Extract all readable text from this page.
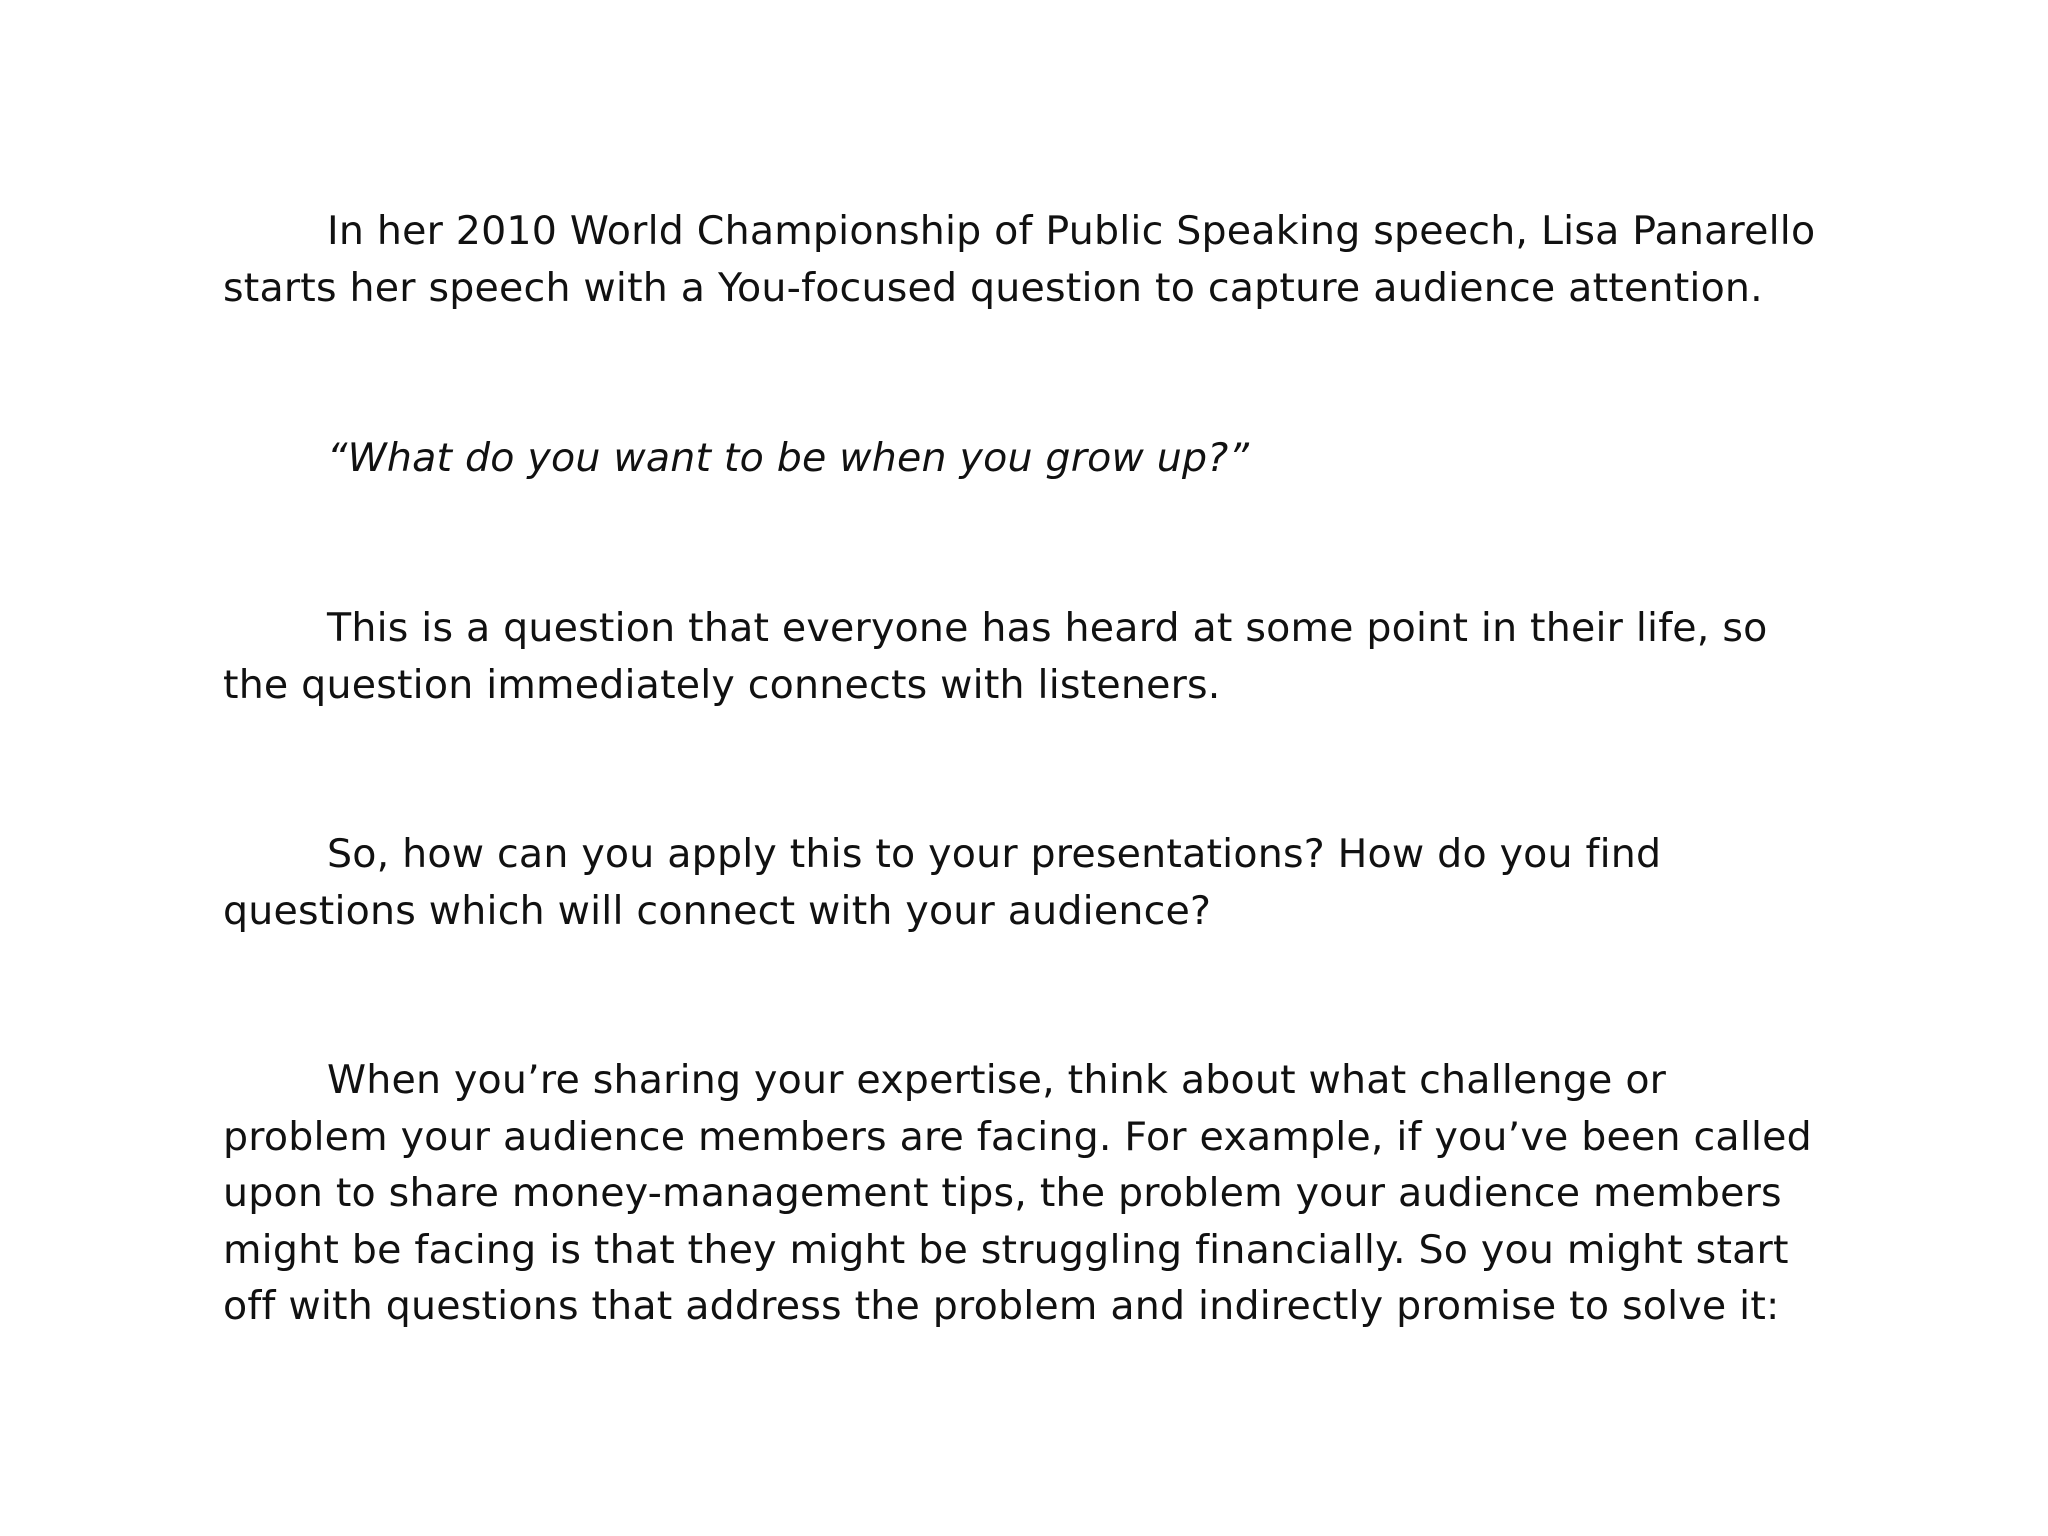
In her 2010 World Championship of Public Speaking speech, Lisa Panarello
starts her speech with a You-focused question to capture audience attention.
“What do you want to be when you grow up?”
This is a question that everyone has heard at some point in their life, so
the question immediately connects with listeners.
So, how can you apply this to your presentations? How do you find
questions which will connect with your audience?
When you’re sharing your expertise, think about what challenge or
problem your audience members are facing. For example, if you’ve been called
upon to share money-management tips, the problem your audience members
might be facing is that they might be struggling financially. So you might start
off with questions that address the problem and indirectly promise to solve it:
